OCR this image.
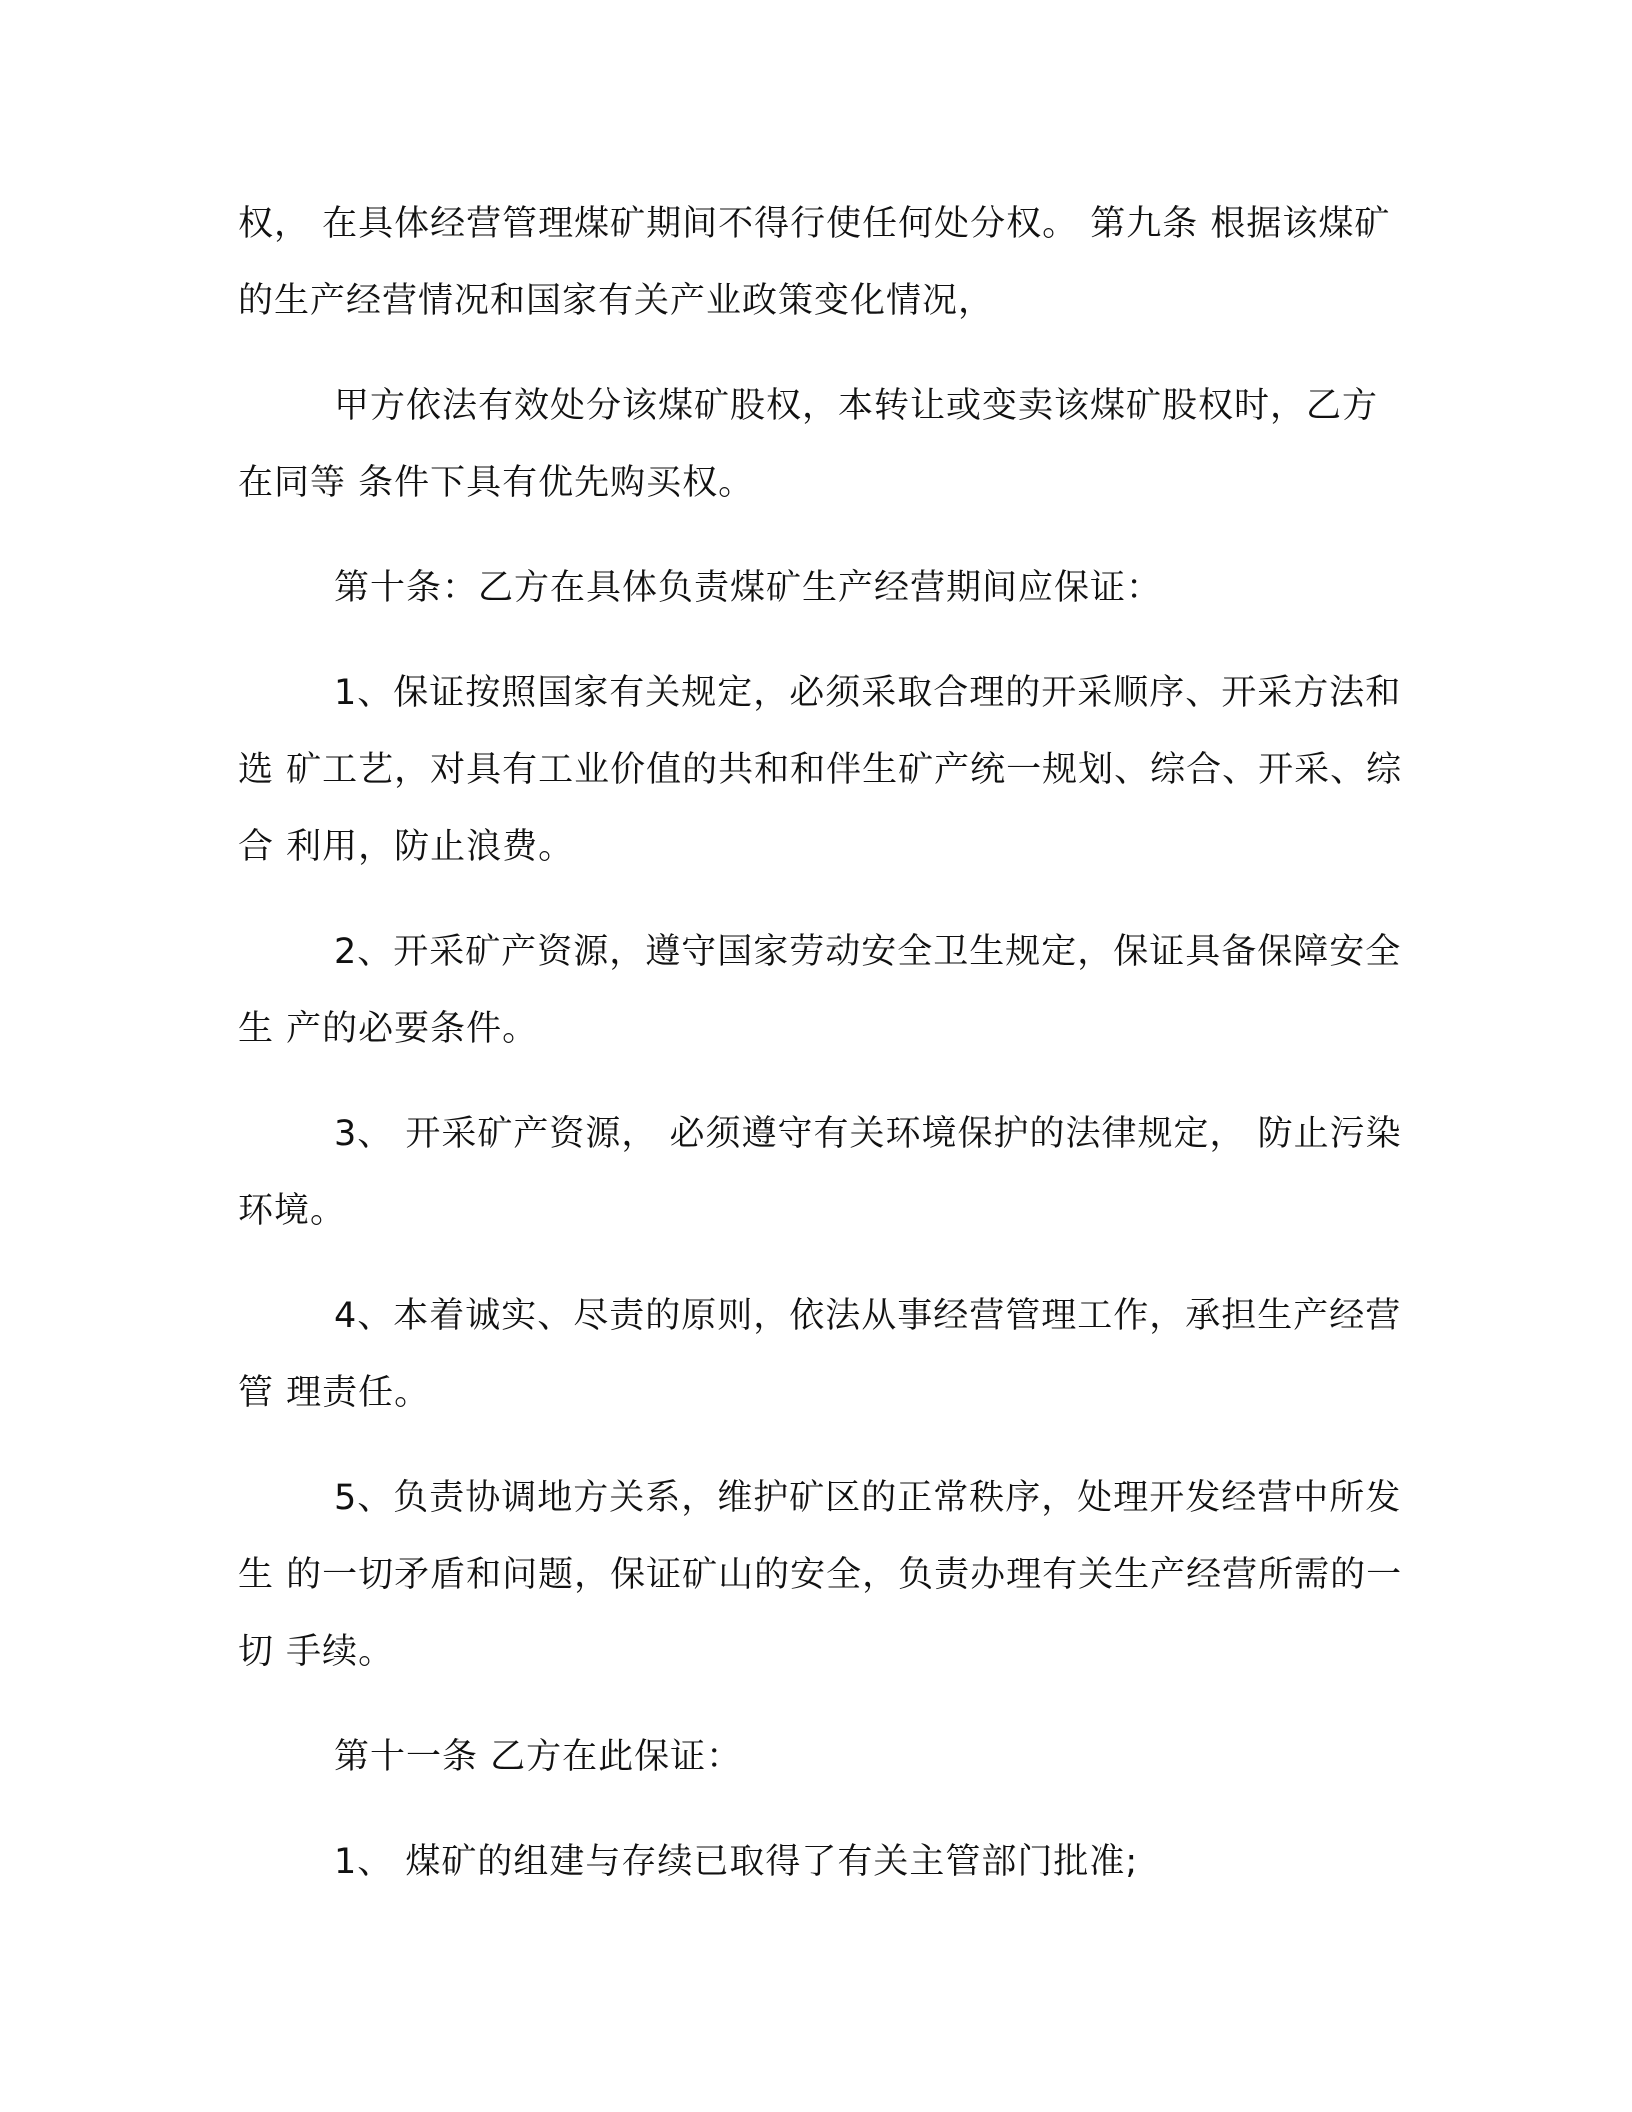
权， 在具体经营管理煤矿期间不得行使任何处分权。 第九条 根据该煤矿的生产经营情况和国家有关产业政策变化情况，

甲方依法有效处分该煤矿股权，本转让或变卖该煤矿股权时，乙方在同等 条件下具有优先购买权。

第十条：乙方在具体负责煤矿生产经营期间应保证：

1、保证按照国家有关规定，必须采取合理的开采顺序、开采方法和选 矿工艺，对具有工业价值的共和和伴生矿产统一规划、综合、开采、综合 利用，防止浪费。

2、开采矿产资源，遵守国家劳动安全卫生规定，保证具备保障安全生 产的必要条件。

3、 开采矿产资源， 必须遵守有关环境保护的法律规定， 防止污染环境。

4、本着诚实、尽责的原则，依法从事经营管理工作，承担生产经营管 理责任。

5、负责协调地方关系，维护矿区的正常秩序，处理开发经营中所发生 的一切矛盾和问题，保证矿山的安全，负责办理有关生产经营所需的一切 手续。

第十一条 乙方在此保证：

1、 煤矿的组建与存续已取得了有关主管部门批准;
